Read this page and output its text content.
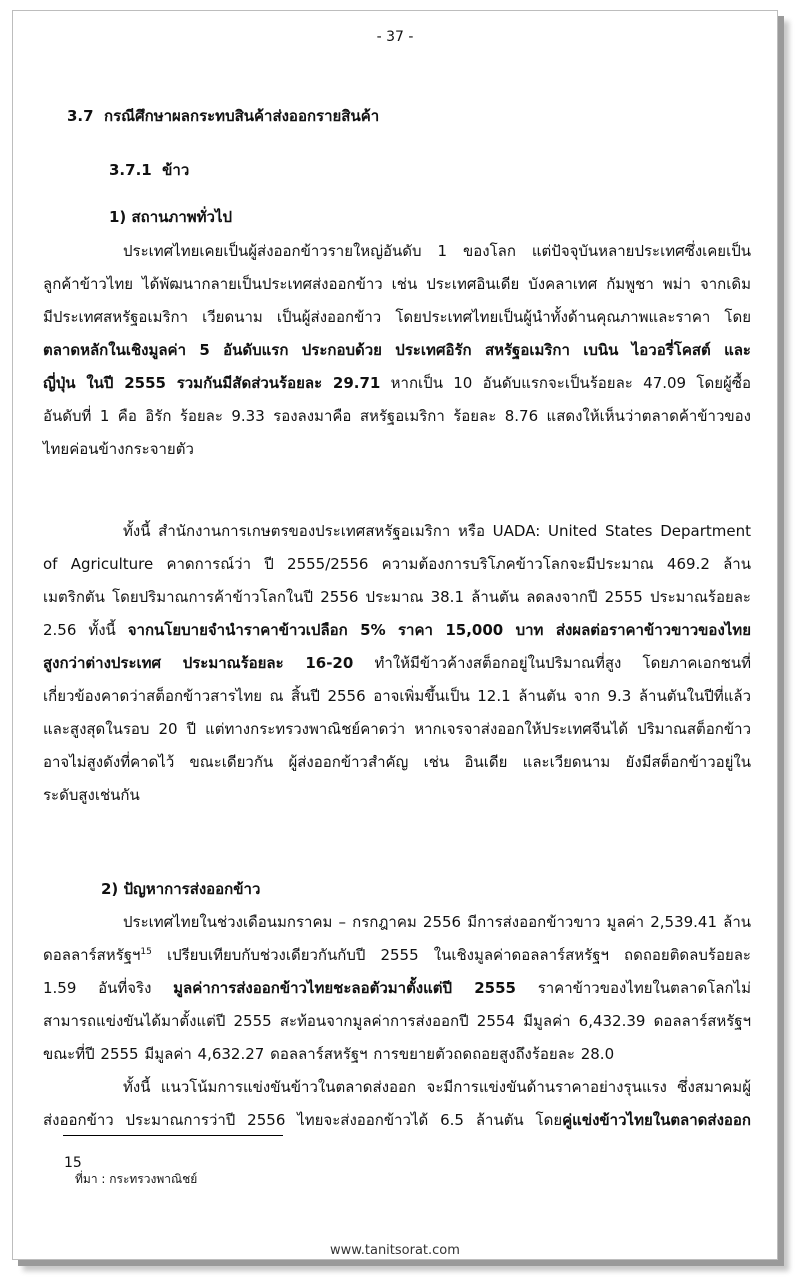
- 37 -
3.7 กรณีศึกษาผลกระทบสินค้าส่งออกรายสินค้า
3.7.1 ข้าว
1) สถานภาพทั่วไป
ประเทศไทยเคยเป็นผู้ส่งออกข้าวรายใหญ่อันดับ 1 ของโลก แต่ปัจจุบันหลายประเทศซึ่งเคยเป็น
ลูกค้าข้าวไทย ได้พัฒนากลายเป็นประเทศส่งออกข้าว เช่น ประเทศอินเดีย บังคลาเทศ กัมพูชา พม่า จากเดิม
มีประเทศสหรัฐอเมริกา เวียดนาม เป็นผู้ส่งออกข้าว โดยประเทศไทยเป็นผู้นำทั้งด้านคุณภาพและราคา โดย
ตลาดหลักในเชิงมูลค่า 5 อันดับแรก ประกอบด้วย ประเทศอิรัก สหรัฐอเมริกา เบนิน ไอวอรี่โคสต์ และ
ญี่ปุ่น ในปี 2555 รวมกันมีสัดส่วนร้อยละ 29.71 หากเป็น 10 อันดับแรกจะเป็นร้อยละ 47.09 โดยผู้ซื้อ
อันดับที่ 1 คือ อิรัก ร้อยละ 9.33 รองลงมาคือ สหรัฐอเมริกา ร้อยละ 8.76 แสดงให้เห็นว่าตลาดค้าข้าวของ
ไทยค่อนข้างกระจายตัว
ทั้งนี้ สำนักงานการเกษตรของประเทศสหรัฐอเมริกา หรือ UADA: United States Department
of Agriculture คาดการณ์ว่า ปี 2555/2556 ความต้องการบริโภคข้าวโลกจะมีประมาณ 469.2 ล้าน
เมตริกตัน โดยปริมาณการค้าข้าวโลกในปี 2556 ประมาณ 38.1 ล้านตัน ลดลงจากปี 2555 ประมาณร้อยละ
2.56 ทั้งนี้ จากนโยบายจำนำราคาข้าวเปลือก 5% ราคา 15,000 บาท ส่งผลต่อราคาข้าวขาวของไทย
สูงกว่าต่างประเทศ ประมาณร้อยละ 16-20 ทำให้มีข้าวค้างสต็อกอยู่ในปริมาณที่สูง โดยภาคเอกชนที่
เกี่ยวข้องคาดว่าสต็อกข้าวสารไทย ณ สิ้นปี 2556 อาจเพิ่มขึ้นเป็น 12.1 ล้านตัน จาก 9.3 ล้านตันในปีที่แล้ว
และสูงสุดในรอบ 20 ปี แต่ทางกระทรวงพาณิชย์คาดว่า หากเจรจาส่งออกให้ประเทศจีนได้ ปริมาณสต็อกข้าว
อาจไม่สูงดังที่คาดไว้ ขณะเดียวกัน ผู้ส่งออกข้าวสำคัญ เช่น อินเดีย และเวียดนาม ยังมีสต็อกข้าวอยู่ใน
ระดับสูงเช่นกัน
2) ปัญหาการส่งออกข้าว
ประเทศไทยในช่วงเดือนมกราคม – กรกฎาคม 2556 มีการส่งออกข้าวขาว มูลค่า 2,539.41 ล้าน
ดอลลาร์สหรัฐฯ$^{15}$ เปรียบเทียบกับช่วงเดียวกันกับปี 2555 ในเชิงมูลค่าดอลลาร์สหรัฐฯ ถดถอยติดลบร้อยละ
1.59 อันที่จริง มูลค่าการส่งออกข้าวไทยชะลอตัวมาตั้งแต่ปี 2555 ราคาข้าวของไทยในตลาดโลกไม่
สามารถแข่งขันได้มาตั้งแต่ปี 2555 สะท้อนจากมูลค่าการส่งออกปี 2554 มีมูลค่า 6,432.39 ดอลลาร์สหรัฐฯ
ขณะที่ปี 2555 มีมูลค่า 4,632.27 ดอลลาร์สหรัฐฯ การขยายตัวถดถอยสูงถึงร้อยละ 28.0
ทั้งนี้ แนวโน้มการแข่งขันข้าวในตลาดส่งออก จะมีการแข่งขันด้านราคาอย่างรุนแรง ซึ่งสมาคมผู้
ส่งออกข้าว ประมาณการว่าปี 2556 ไทยจะส่งออกข้าวได้ 6.5 ล้านตัน โดยคู่แข่งข้าวไทยในตลาดส่งออก
15
ที่มา : กระทรวงพาณิชย์
www.tanitsorat.com
